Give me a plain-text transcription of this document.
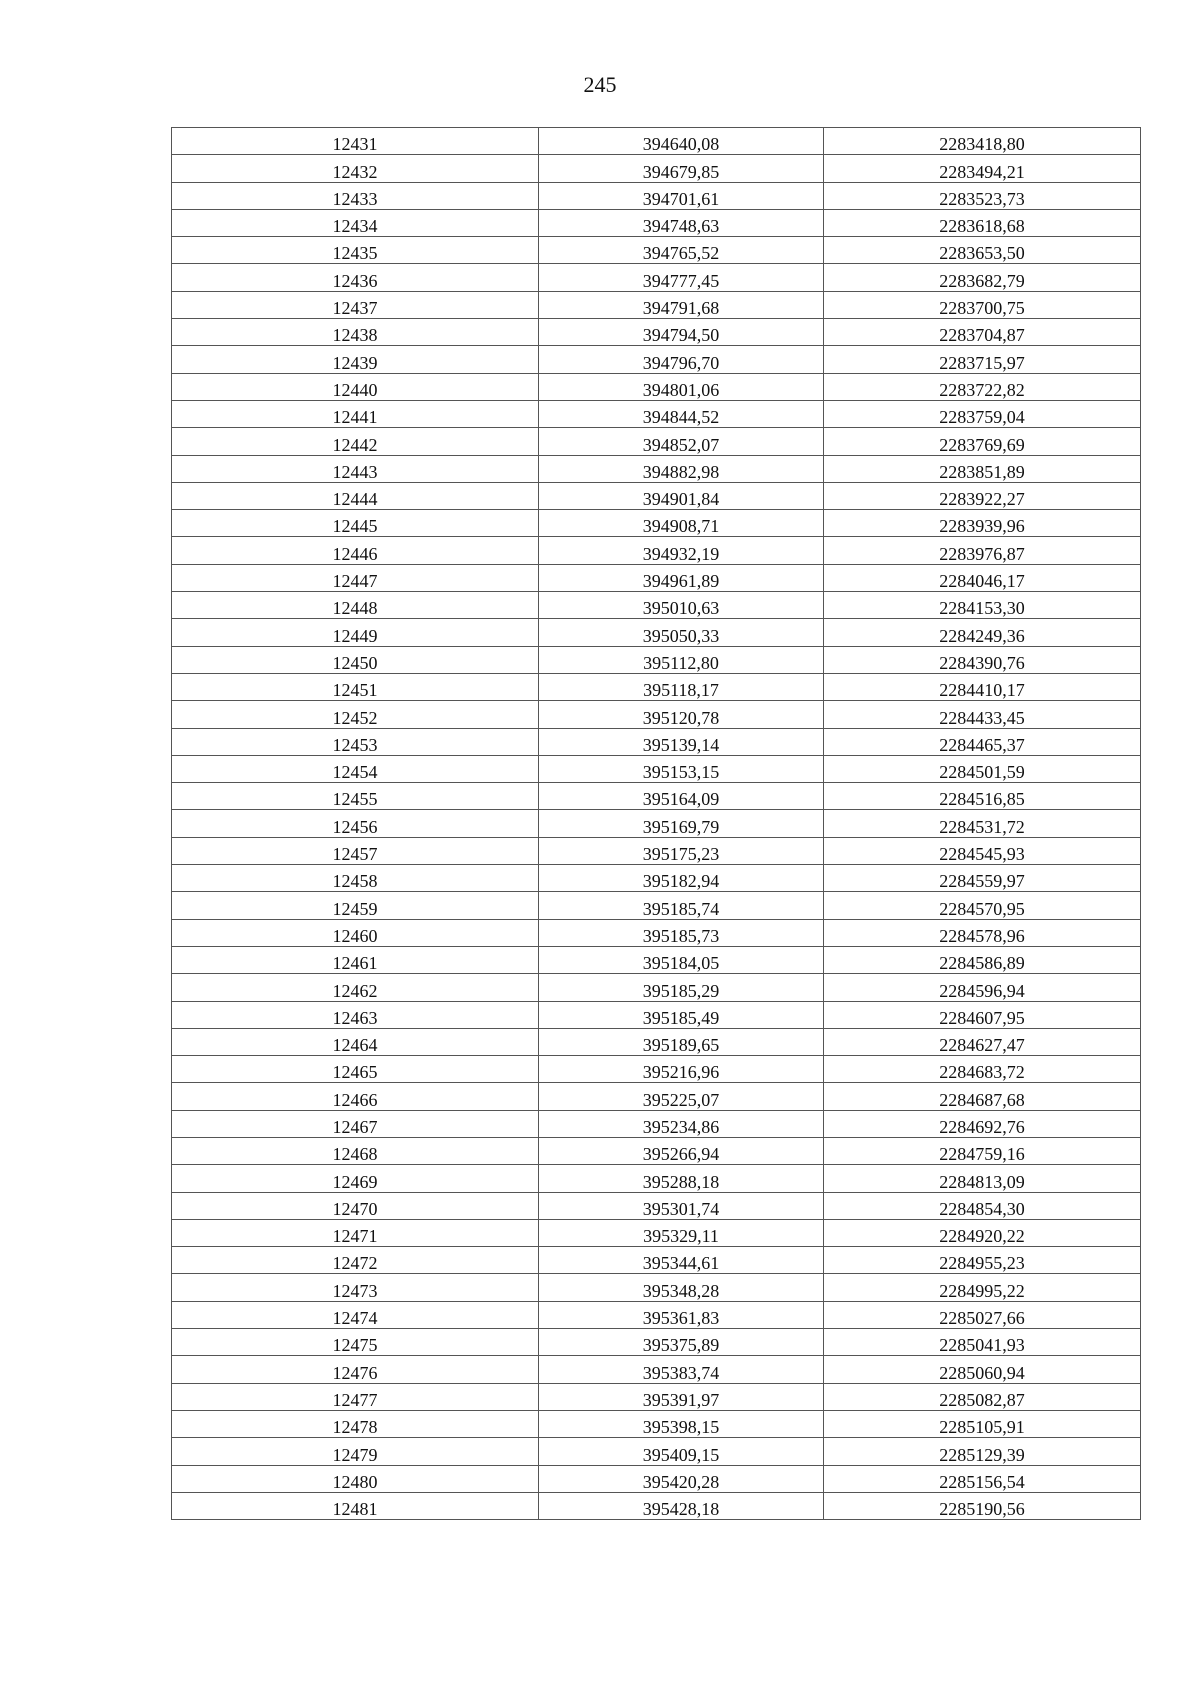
245
12431	394640,08	2283418,80
12432	394679,85	2283494,21
12433	394701,61	2283523,73
12434	394748,63	2283618,68
12435	394765,52	2283653,50
12436	394777,45	2283682,79
12437	394791,68	2283700,75
12438	394794,50	2283704,87
12439	394796,70	2283715,97
12440	394801,06	2283722,82
12441	394844,52	2283759,04
12442	394852,07	2283769,69
12443	394882,98	2283851,89
12444	394901,84	2283922,27
12445	394908,71	2283939,96
12446	394932,19	2283976,87
12447	394961,89	2284046,17
12448	395010,63	2284153,30
12449	395050,33	2284249,36
12450	395112,80	2284390,76
12451	395118,17	2284410,17
12452	395120,78	2284433,45
12453	395139,14	2284465,37
12454	395153,15	2284501,59
12455	395164,09	2284516,85
12456	395169,79	2284531,72
12457	395175,23	2284545,93
12458	395182,94	2284559,97
12459	395185,74	2284570,95
12460	395185,73	2284578,96
12461	395184,05	2284586,89
12462	395185,29	2284596,94
12463	395185,49	2284607,95
12464	395189,65	2284627,47
12465	395216,96	2284683,72
12466	395225,07	2284687,68
12467	395234,86	2284692,76
12468	395266,94	2284759,16
12469	395288,18	2284813,09
12470	395301,74	2284854,30
12471	395329,11	2284920,22
12472	395344,61	2284955,23
12473	395348,28	2284995,22
12474	395361,83	2285027,66
12475	395375,89	2285041,93
12476	395383,74	2285060,94
12477	395391,97	2285082,87
12478	395398,15	2285105,91
12479	395409,15	2285129,39
12480	395420,28	2285156,54
12481	395428,18	2285190,56
